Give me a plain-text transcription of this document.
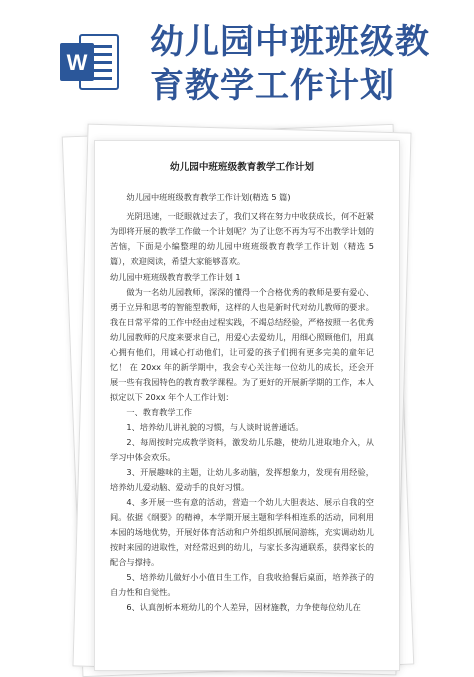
W
幼儿园中班班级教
育教学工作计划
幼儿园中班班级教育教学工作计划

幼儿园中班班级教育教学工作计划(精选 5 篇)

光阴迅速，一眨眼就过去了，我们又将在努力中收获成长，何不赶紧为即将开展的教学工作做一个计划呢？为了让您不再为写不出教学计划的苦恼，下面是小编整理的幼儿园中班班级教育教学工作计划（精选 5 篇），欢迎阅读，希望大家能够喜欢。

幼儿园中班班级教育教学工作计划 1

做为一名幼儿园教师，深深的懂得一个合格优秀的教师是要有爱心、勇于立异和思考的智能型教师，这样的人也是新时代对幼儿教师的要求。我在日常平常的工作中经由过程实践，不竭总结经验，严格按照一名优秀幼儿园教师的尺度来要求自己，用爱心去爱幼儿，用细心照顾他们，用真心拥有他们，用诚心打动他们，让可爱的孩子们拥有更多完美的童年记忆！ 在 20xx 年的新学期中，我会专心关注每一位幼儿的成长，还会开展一些有我园特色的教育教学课程。为了更好的开展新学期的工作，本人拟定以下 20xx 年个人工作计划：

一、教育教学工作

1、培养幼儿讲礼貌的习惯，与人谈时说普通话。

2、每周按时完成教学资料，激发幼儿乐趣，使幼儿进取地介入，从学习中体会欢乐。

3、开展趣味的主题，让幼儿多动脑，发挥想象力，发现有用经验，培养幼儿爱动脑、爱动手的良好习惯。

4、多开展一些有意的活动，营造一个幼儿大胆表达、展示自我的空间。依据《纲要》的精神，本学期开展主题和学科相连系的活动，同利用本园的场地优势，开展好体育活动和户外组织抓展间游练，充实调动幼儿按时来园的进取性，对经常迟到的幼儿，与家长多沟通联系，获得家长的配合与撑持。

5、培养幼儿做好小小值日生工作，自我收拾餐后桌面，培养孩子的自力性和自觉性。

6、认真剖析本班幼儿的个人差异，因材施教，力争使每位幼儿在
